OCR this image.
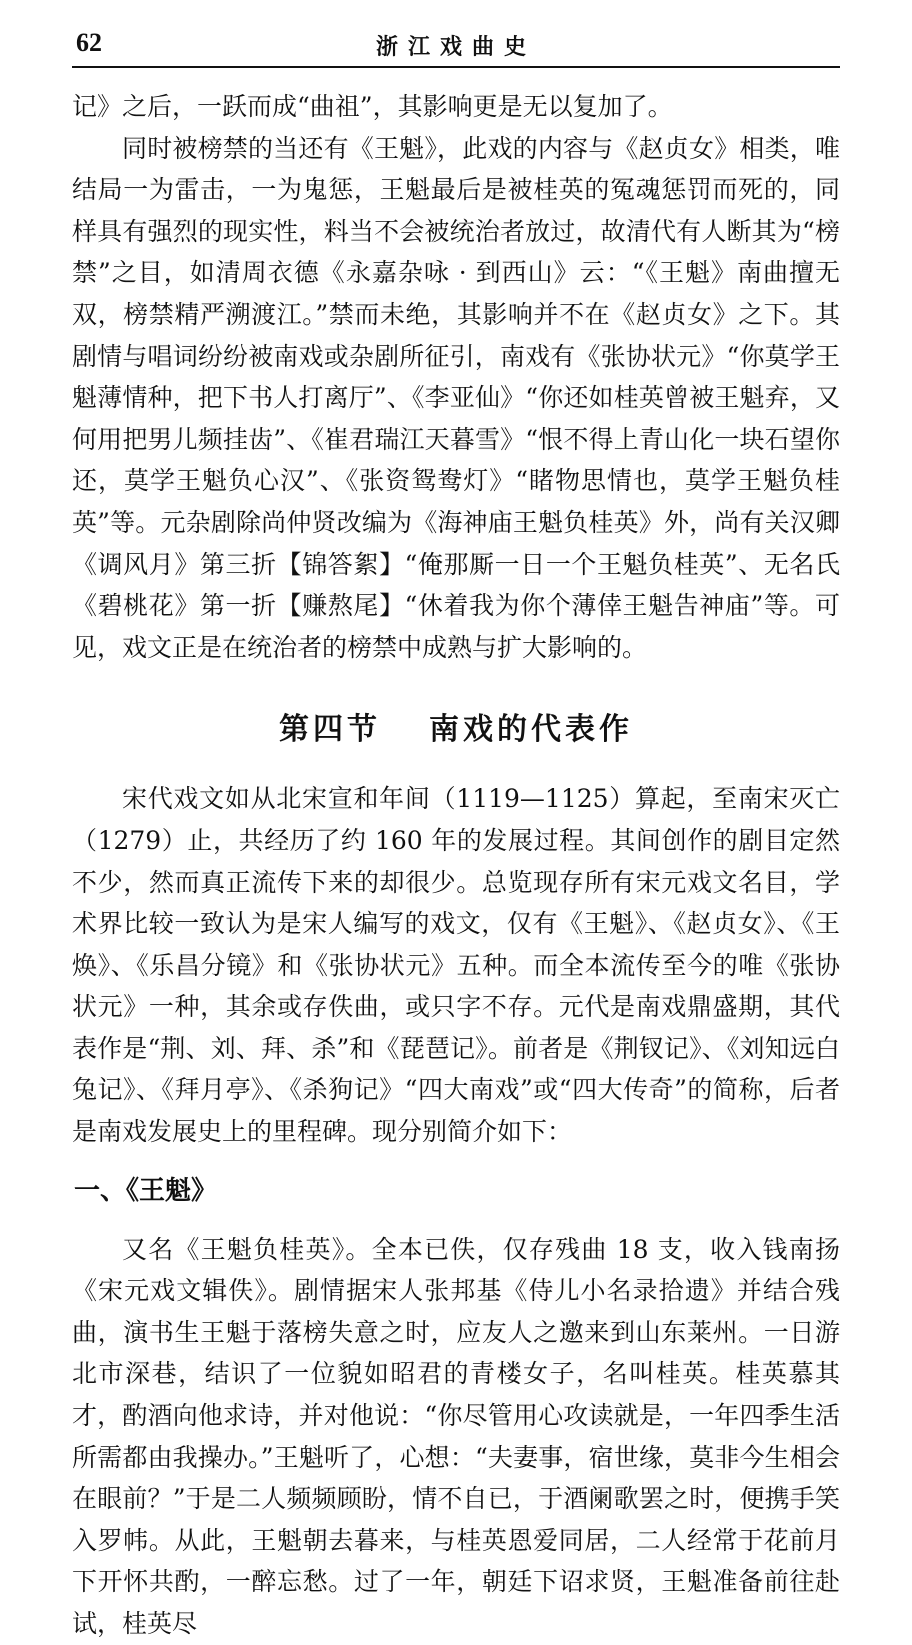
62	浙江戏曲史

记》之后，一跃而成“曲祖”，其影响更是无以复加了。

同时被榜禁的当还有《王魁》，此戏的内容与《赵贞女》相类，唯结局一为雷击，一为鬼惩，王魁最后是被桂英的冤魂惩罚而死的，同样具有强烈的现实性，料当不会被统治者放过，故清代有人断其为“榜禁”之目，如清周衣德《永嘉杂咏 · 到西山》云：“《王魁》南曲擅无双，榜禁精严溯渡江。”禁而未绝，其影响并不在《赵贞女》之下。其剧情与唱词纷纷被南戏或杂剧所征引，南戏有《张协状元》“你莫学王魁薄情种，把下书人打离厅”、《李亚仙》“你还如桂英曾被王魁弃，又何用把男儿频挂齿”、《崔君瑞江天暮雪》“恨不得上青山化一块石望你还，莫学王魁负心汉”、《张资鸳鸯灯》“睹物思情也，莫学王魁负桂英”等。元杂剧除尚仲贤改编为《海神庙王魁负桂英》外，尚有关汉卿《调风月》第三折【锦答絮】“俺那厮一日一个王魁负桂英”、无名氏《碧桃花》第一折【赚熬尾】“休着我为你个薄倖王魁告神庙”等。可见，戏文正是在统治者的榜禁中成熟与扩大影响的。

第四节 南戏的代表作

宋代戏文如从北宋宣和年间（1119—1125）算起，至南宋灭亡（1279）止，共经历了约 160 年的发展过程。其间创作的剧目定然不少，然而真正流传下来的却很少。总览现存所有宋元戏文名目，学术界比较一致认为是宋人编写的戏文，仅有《王魁》、《赵贞女》、《王焕》、《乐昌分镜》和《张协状元》五种。而全本流传至今的唯《张协状元》一种，其余或存佚曲，或只字不存。元代是南戏鼎盛期，其代表作是“荆、刘、拜、杀”和《琵琶记》。前者是《荆钗记》、《刘知远白兔记》、《拜月亭》、《杀狗记》“四大南戏”或“四大传奇”的简称，后者是南戏发展史上的里程碑。现分别简介如下：

一、《王魁》

又名《王魁负桂英》。全本已佚，仅存残曲 18 支，收入钱南扬《宋元戏文辑佚》。剧情据宋人张邦基《侍儿小名录拾遗》并结合残曲，演书生王魁于落榜失意之时，应友人之邀来到山东莱州。一日游北市深巷，结识了一位貌如昭君的青楼女子，名叫桂英。桂英慕其才，酌酒向他求诗，并对他说：“你尽管用心攻读就是，一年四季生活所需都由我操办。”王魁听了，心想：“夫妻事，宿世缘，莫非今生相会在眼前？”于是二人频频顾盼，情不自已，于酒阑歌罢之时，便携手笑入罗帏。从此，王魁朝去暮来，与桂英恩爱同居，二人经常于花前月下开怀共酌，一醉忘愁。过了一年，朝廷下诏求贤，王魁准备前往赴试，桂英尽
